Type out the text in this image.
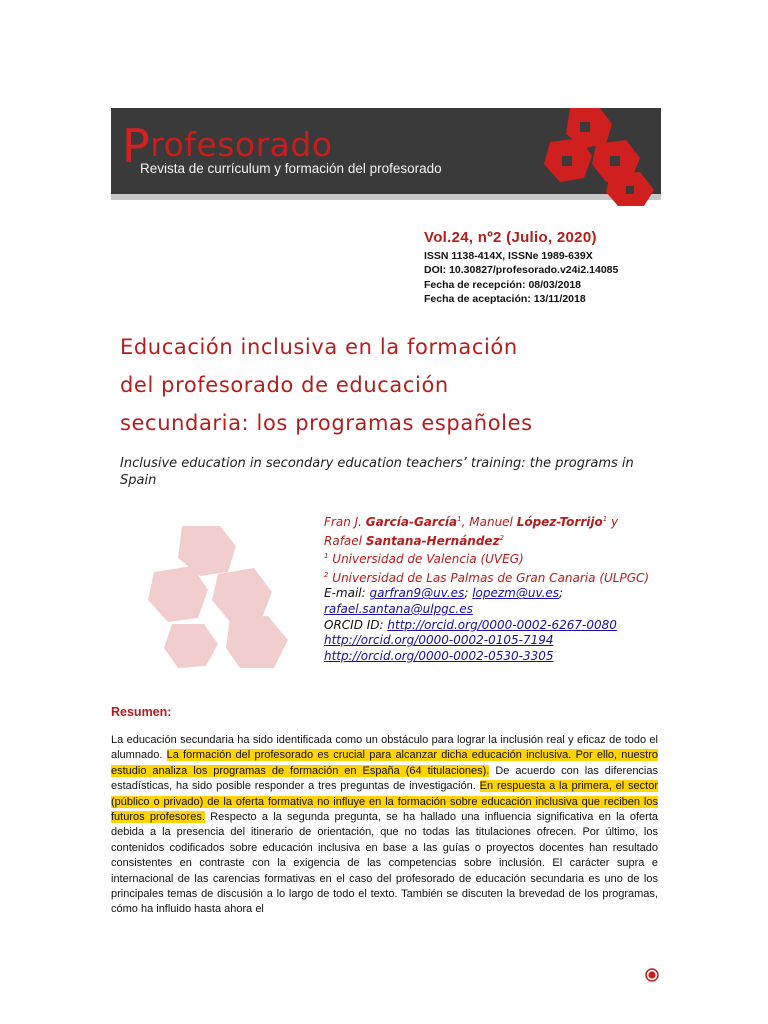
Profesorado
Revista de currículum y formación del profesorado
Vol.24, nº2 (Julio, 2020)
ISSN 1138-414X, ISSNe 1989-639X
DOI: 10.30827/profesorado.v24i2.14085
Fecha de recepción: 08/03/2018
Fecha de aceptación: 13/11/2018
Educación inclusiva en la formación
del profesorado de educación
secundaria: los programas españoles
Inclusive education in secondary education teachers’ training: the programs in Spain
Fran J. García-García$^1$, Manuel López-Torrijo$^1$ y
Rafael Santana-Hernández$^2$
$^1$ Universidad de Valencia (UVEG)
$^2$ Universidad de Las Palmas de Gran Canaria (ULPGC)
E-mail: garfran9@uv.es; lopezm@uv.es;
rafael.santana@ulpgc.es
ORCID ID: http://orcid.org/0000-0002-6267-0080
http://orcid.org/0000-0002-0105-7194
http://orcid.org/0000-0002-0530-3305
Resumen:
La educación secundaria ha sido identificada como un obstáculo para lograr la inclusión real y eficaz de todo el alumnado. La formación del profesorado es crucial para alcanzar dicha educación inclusiva. Por ello, nuestro estudio analiza los programas de formación en España (64 titulaciones). De acuerdo con las diferencias estadísticas, ha sido posible responder a tres preguntas de investigación. En respuesta a la primera, el sector (público o privado) de la oferta formativa no influye en la formación sobre educación inclusiva que reciben los futuros profesores. Respecto a la segunda pregunta, se ha hallado una influencia significativa en la oferta debida a la presencia del itinerario de orientación, que no todas las titulaciones ofrecen. Por último, los contenidos codificados sobre educación inclusiva en base a las guías o proyectos docentes han resultado consistentes en contraste con la exigencia de las competencias sobre inclusión. El carácter supra e internacional de las carencias formativas en el caso del profesorado de educación secundaria es uno de los principales temas de discusión a lo largo de todo el texto. También se discuten la brevedad de los programas, cómo ha influido hasta ahora el
